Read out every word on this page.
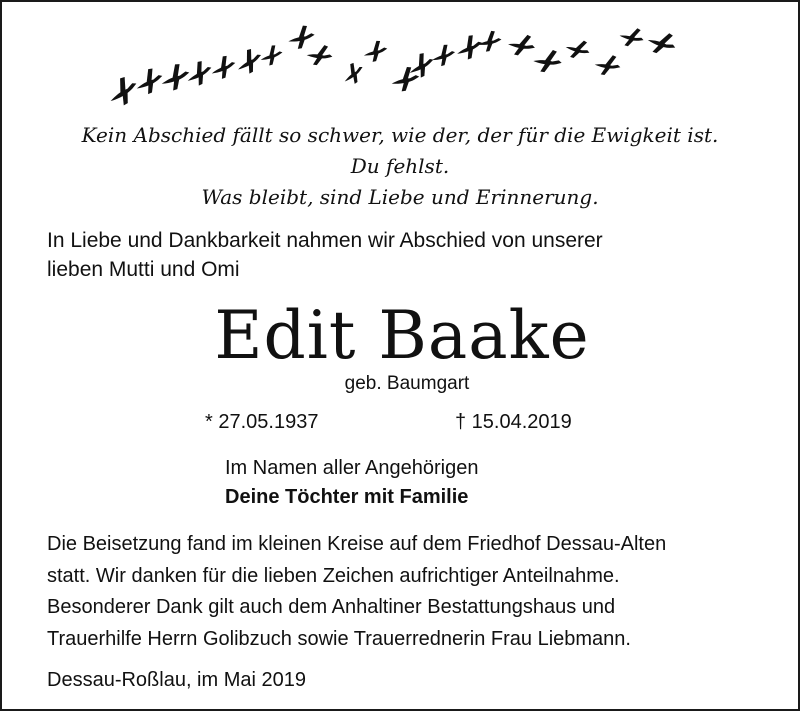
Kein Abschied fällt so schwer, wie der, der für die Ewigkeit ist.
Du fehlst.
Was bleibt, sind Liebe und Erinnerung.
In Liebe und Dankbarkeit nahmen wir Abschied von unserer
lieben Mutti und Omi
Edit Baake
geb. Baumgart
* 27.05.1937	† 15.04.2019
Im Namen aller Angehörigen
Deine Töchter mit Familie
Die Beisetzung fand im kleinen Kreise auf dem Friedhof Dessau-Alten
statt. Wir danken für die lieben Zeichen aufrichtiger Anteilnahme.
Besonderer Dank gilt auch dem Anhaltiner Bestattungshaus und
Trauerhilfe Herrn Golibzuch sowie Trauerrednerin Frau Liebmann.
Dessau-Roßlau, im Mai 2019
